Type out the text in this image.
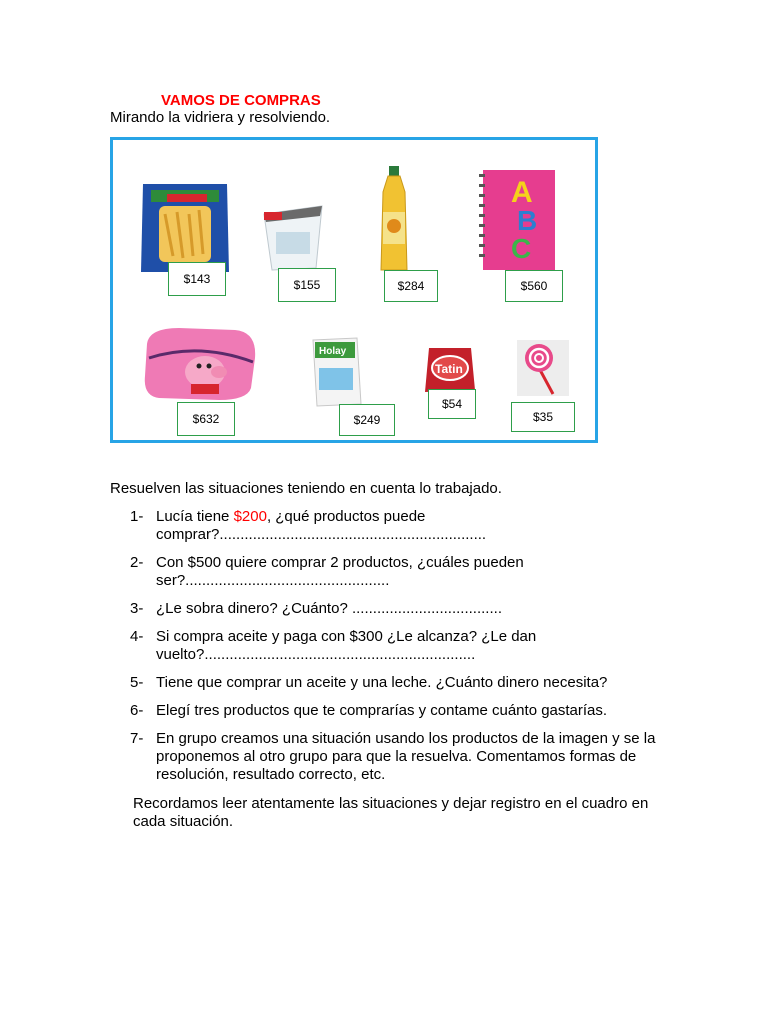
VAMOS DE COMPRAS
Mirando la vidriera y resolviendo.
$143	$155	$284
A
B
C
$560
$632
Holay
$249
Tatin
$54
$35
Resuelven las situaciones teniendo en cuenta lo trabajado.
1- Lucía tiene $200, ¿qué productos puede comprar?................................................................
2- Con $500 quiere comprar 2 productos, ¿cuáles pueden ser?.................................................
3- ¿Le sobra dinero? ¿Cuánto? ....................................
4- Si compra aceite y paga con $300 ¿Le alcanza? ¿Le dan vuelto?.................................................................
5- Tiene que comprar un aceite y una leche. ¿Cuánto dinero necesita?
6- Elegí tres productos que te comprarías y contame cuánto gastarías.
7- En grupo creamos una situación usando los productos de la imagen y se la proponemos al otro grupo para que la resuelva. Comentamos formas de resolución, resultado correcto, etc.
Recordamos leer atentamente las situaciones y dejar registro en el cuadro en cada situación.
